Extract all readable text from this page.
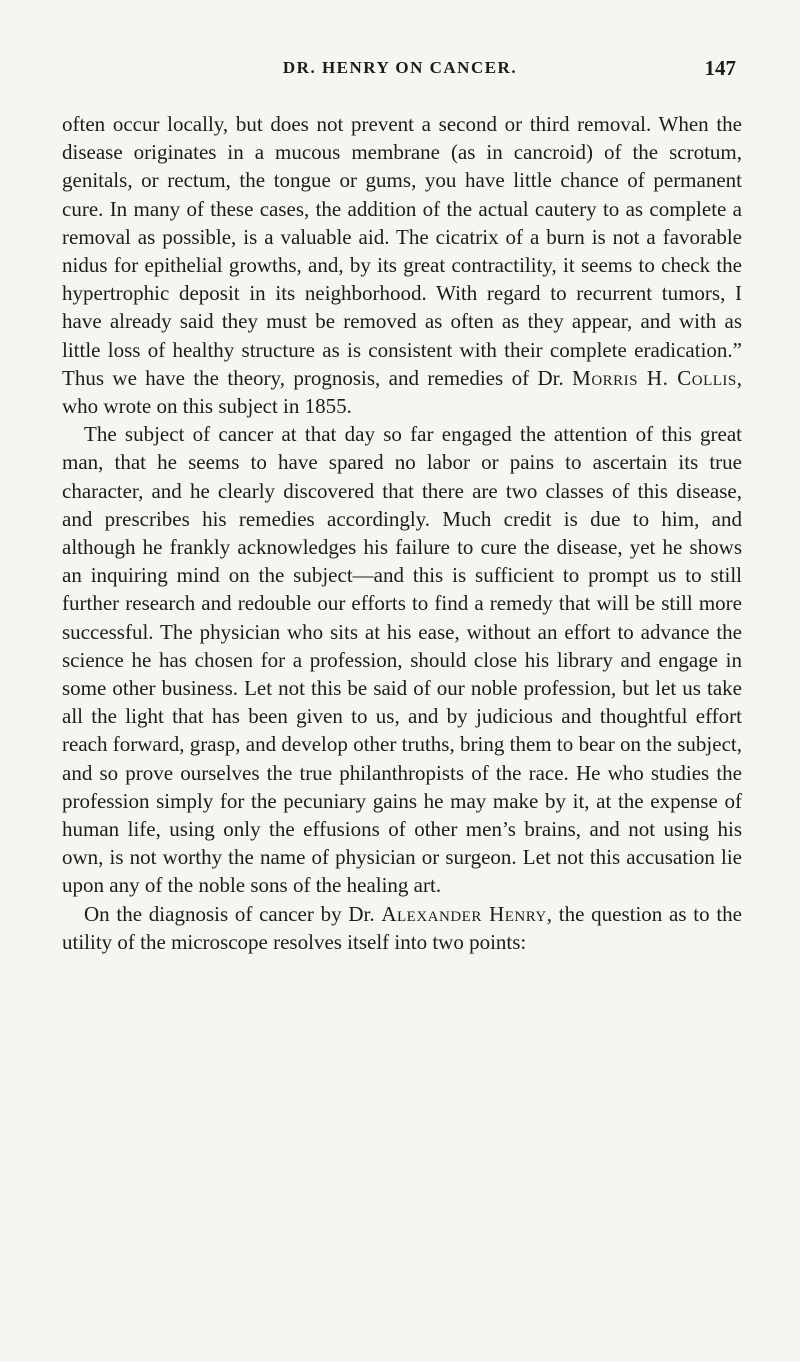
DR. HENRY ON CANCER.	147

often occur locally, but does not prevent a second or third removal. When the disease originates in a mucous membrane (as in cancroid) of the scrotum, genitals, or rectum, the tongue or gums, you have little chance of permanent cure. In many of these cases, the addition of the actual cautery to as complete a removal as possible, is a valuable aid. The cicatrix of a burn is not a favorable nidus for epithelial growths, and, by its great contractility, it seems to check the hypertrophic deposit in its neighborhood. With regard to recurrent tumors, I have already said they must be removed as often as they appear, and with as little loss of healthy structure as is consistent with their complete eradication.” Thus we have the theory, prognosis, and remedies of Dr. Morris H. Collis, who wrote on this subject in 1855.

The subject of cancer at that day so far engaged the attention of this great man, that he seems to have spared no labor or pains to ascertain its true character, and he clearly discovered that there are two classes of this disease, and prescribes his remedies accordingly. Much credit is due to him, and although he frankly acknowledges his failure to cure the disease, yet he shows an inquiring mind on the subject—and this is sufficient to prompt us to still further research and redouble our efforts to find a remedy that will be still more successful. The physician who sits at his ease, without an effort to advance the science he has chosen for a profession, should close his library and engage in some other business. Let not this be said of our noble profession, but let us take all the light that has been given to us, and by judicious and thoughtful effort reach forward, grasp, and develop other truths, bring them to bear on the subject, and so prove ourselves the true philanthropists of the race. He who studies the profession simply for the pecuniary gains he may make by it, at the expense of human life, using only the effusions of other men’s brains, and not using his own, is not worthy the name of physician or surgeon. Let not this accusation lie upon any of the noble sons of the healing art.

On the diagnosis of cancer by Dr. Alexander Henry, the question as to the utility of the microscope resolves itself into two points:
